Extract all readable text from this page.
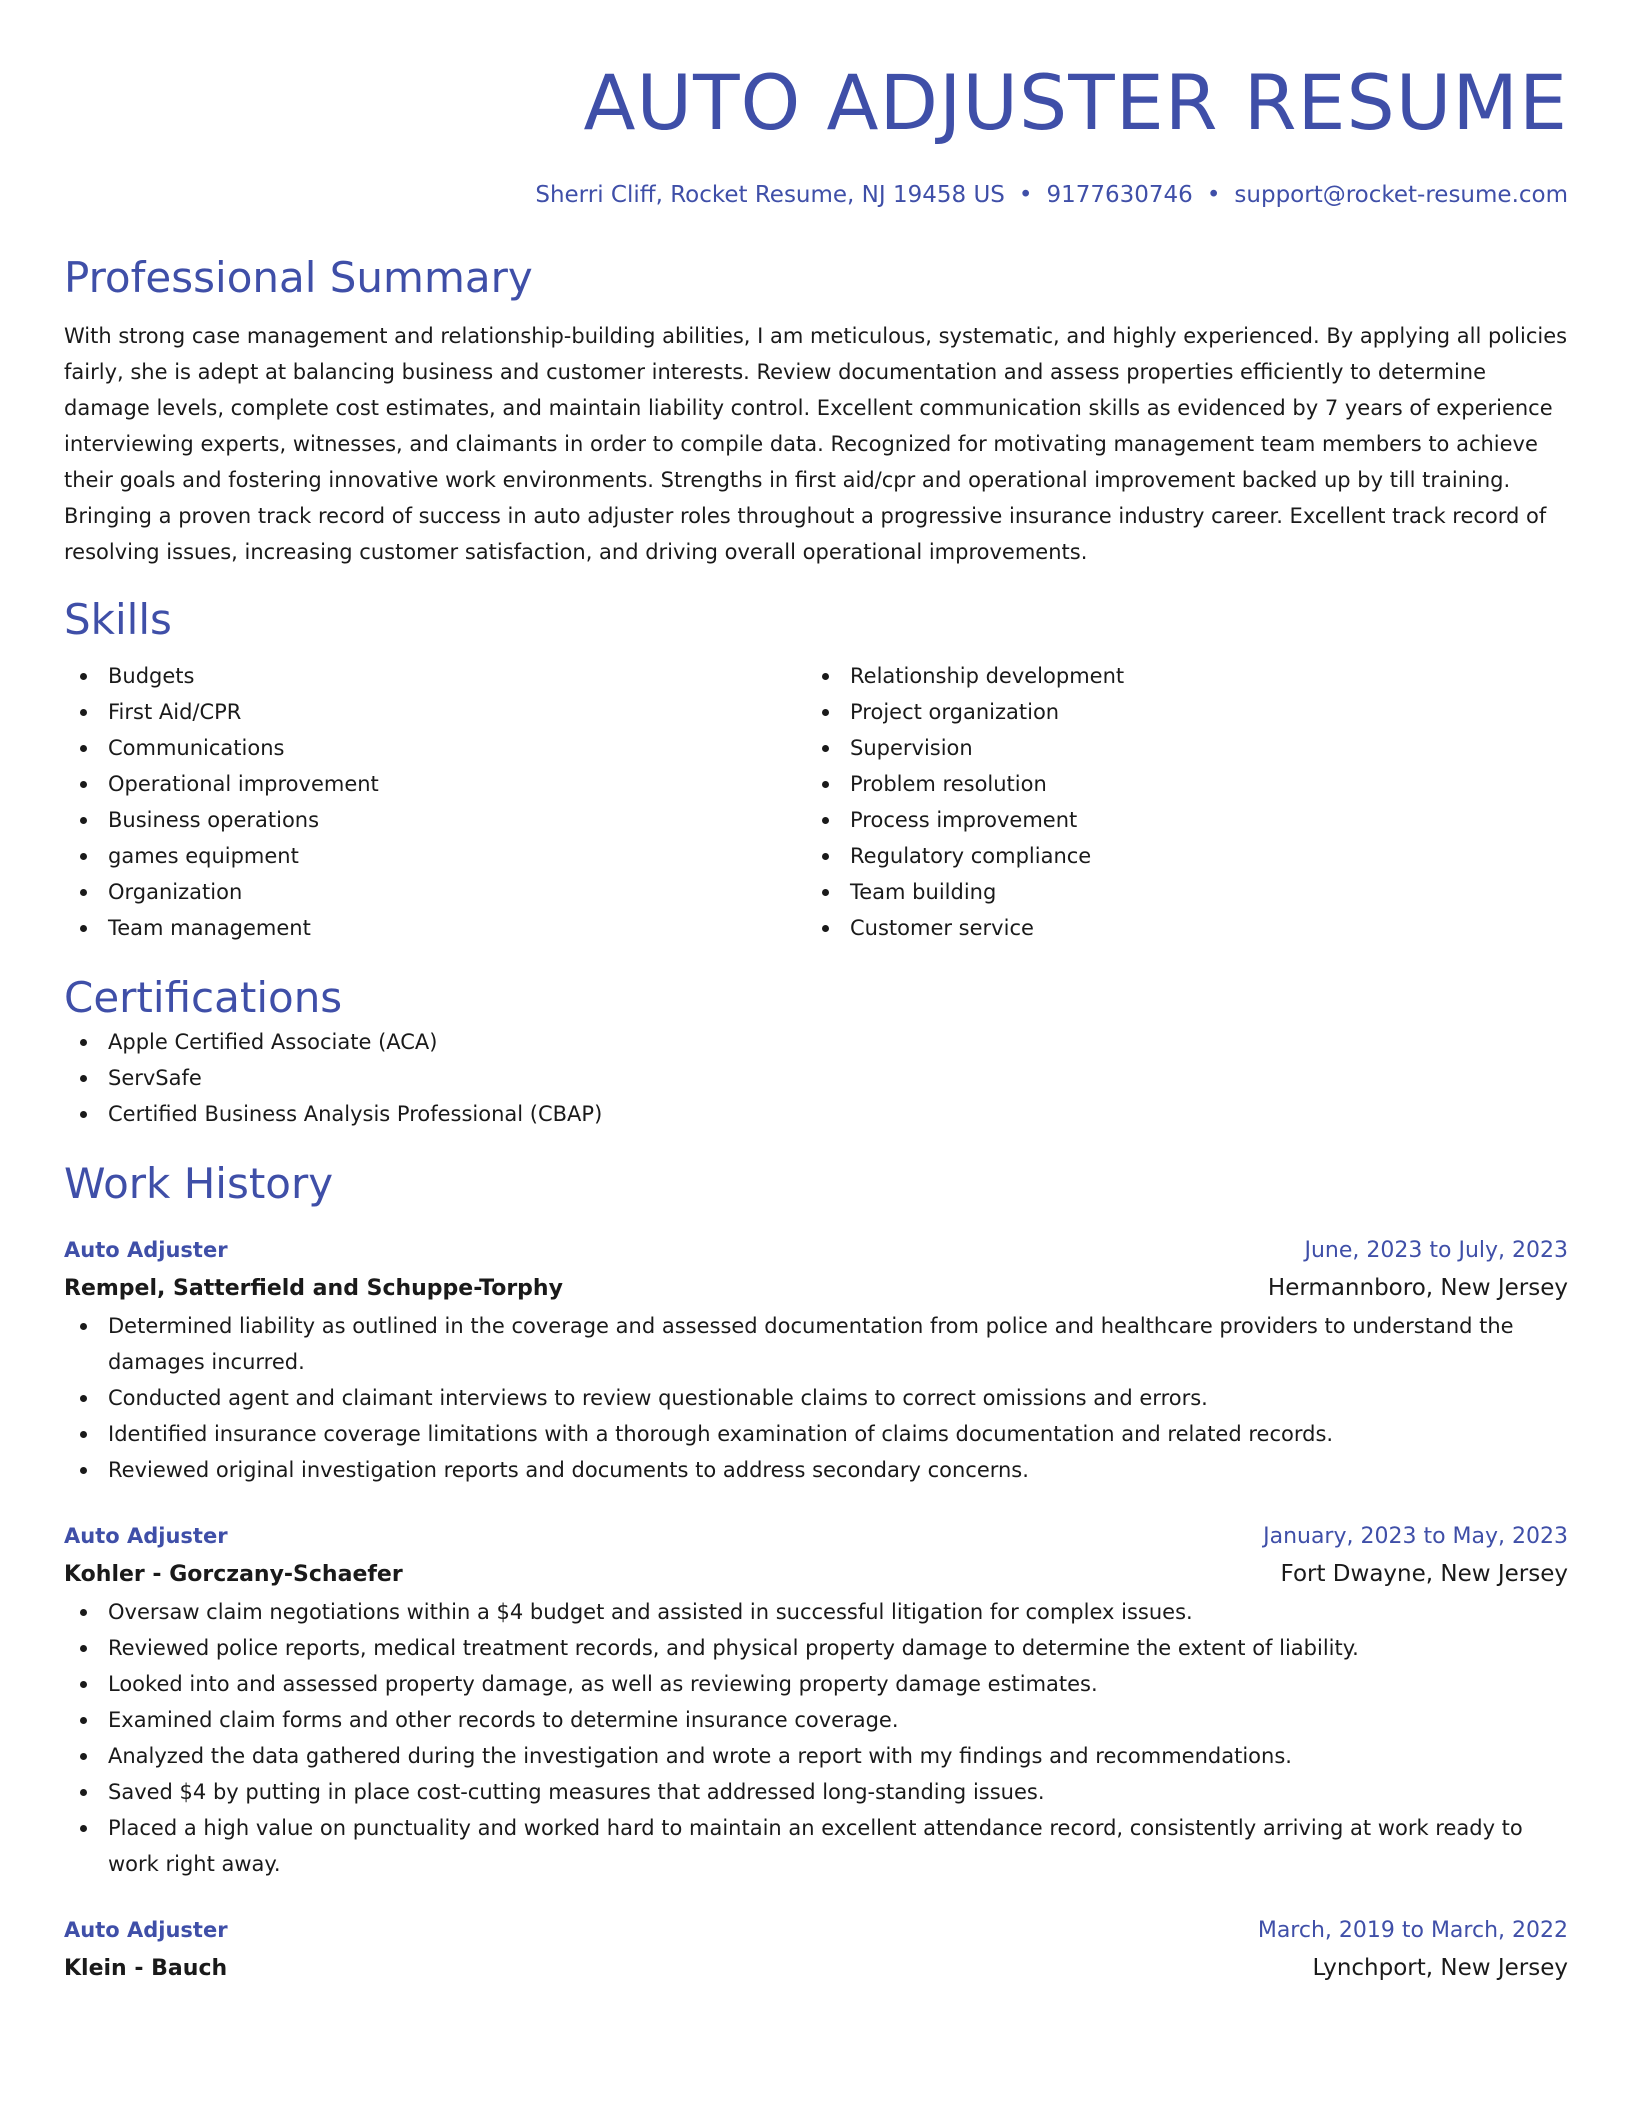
AUTO ADJUSTER RESUME
Sherri Cliff, Rocket Resume, NJ 19458 US • 9177630746 • support@rocket-resume.com
Professional Summary
With strong case management and relationship-building abilities, I am meticulous, systematic, and highly experienced. By applying all policies fairly, she is adept at balancing business and customer interests. Review documentation and assess properties efficiently to determine damage levels, complete cost estimates, and maintain liability control. Excellent communication skills as evidenced by 7 years of experience interviewing experts, witnesses, and claimants in order to compile data. Recognized for motivating management team members to achieve their goals and fostering innovative work environments. Strengths in first aid/cpr and operational improvement backed up by till training. Bringing a proven track record of success in auto adjuster roles throughout a progressive insurance industry career. Excellent track record of resolving issues, increasing customer satisfaction, and driving overall operational improvements.
Skills
Budgets
First Aid/CPR
Communications
Operational improvement
Business operations
games equipment
Organization
Team management
Relationship development
Project organization
Supervision
Problem resolution
Process improvement
Regulatory compliance
Team building
Customer service
Certifications
Apple Certified Associate (ACA)
ServSafe
Certified Business Analysis Professional (CBAP)
Work History
Auto Adjuster	June, 2023 to July, 2023
Rempel, Satterfield and Schuppe-Torphy	Hermannboro, New Jersey
Determined liability as outlined in the coverage and assessed documentation from police and healthcare providers to understand the damages incurred.
Conducted agent and claimant interviews to review questionable claims to correct omissions and errors.
Identified insurance coverage limitations with a thorough examination of claims documentation and related records.
Reviewed original investigation reports and documents to address secondary concerns.
Auto Adjuster	January, 2023 to May, 2023
Kohler - Gorczany-Schaefer	Fort Dwayne, New Jersey
Oversaw claim negotiations within a $4 budget and assisted in successful litigation for complex issues.
Reviewed police reports, medical treatment records, and physical property damage to determine the extent of liability.
Looked into and assessed property damage, as well as reviewing property damage estimates.
Examined claim forms and other records to determine insurance coverage.
Analyzed the data gathered during the investigation and wrote a report with my findings and recommendations.
Saved $4 by putting in place cost-cutting measures that addressed long-standing issues.
Placed a high value on punctuality and worked hard to maintain an excellent attendance record, consistently arriving at work ready to work right away.
Auto Adjuster	March, 2019 to March, 2022
Klein - Bauch	Lynchport, New Jersey
